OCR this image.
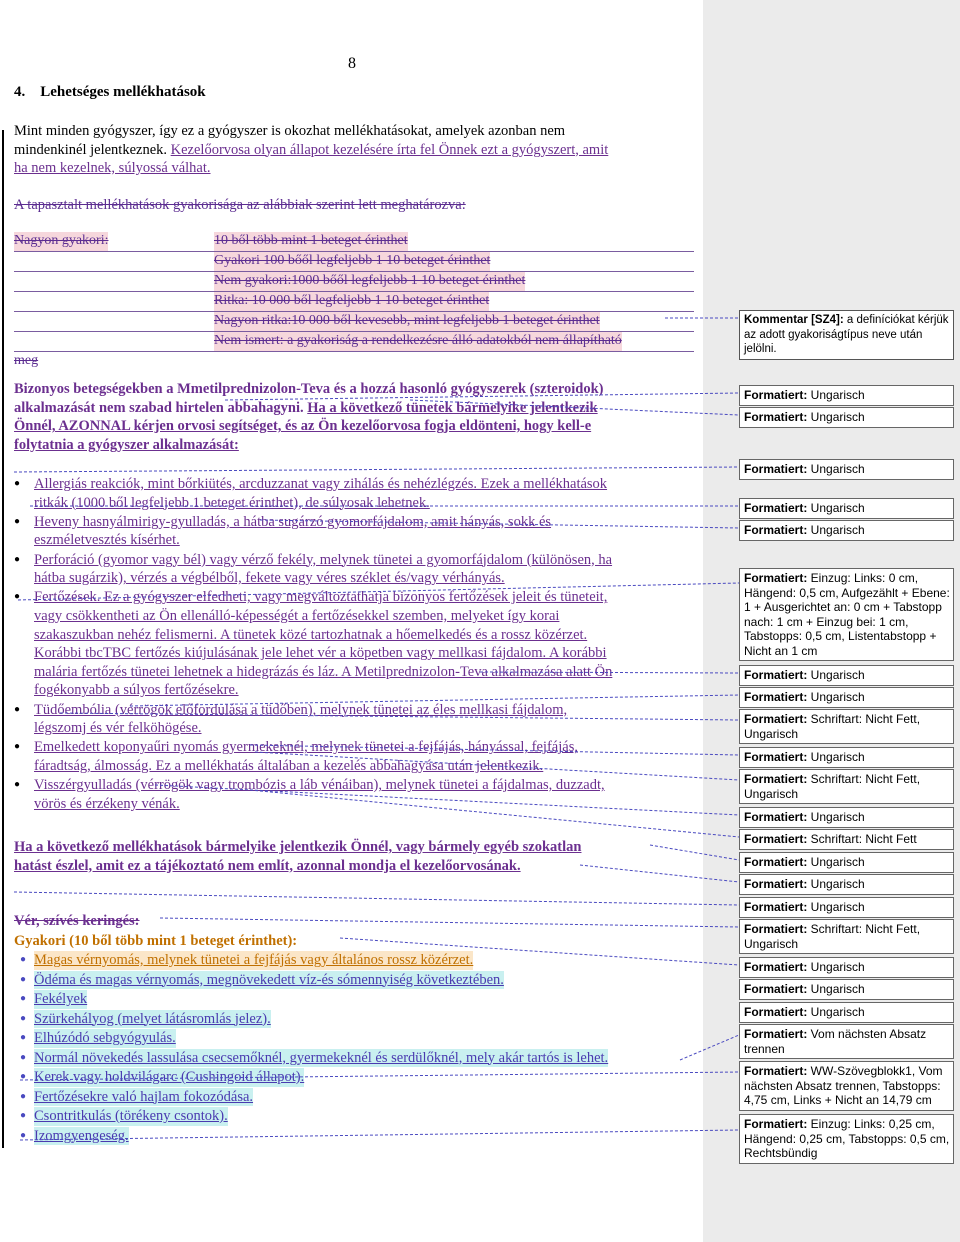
8
4.    Lehetséges mellékhatások
Mint minden gyógyszer, így ez a gyógyszer is okozhat mellékhatásokat, amelyek azonban nem
mindenkinél jelentkeznek. Kezelőorvosa olyan állapot kezelésére írta fel Önnek ezt a gyógyszert, amit
ha nem kezelnek, súlyossá válhat.
A tapasztalt mellékhatások gyakorisága az alábbiak szerint lett meghatározva:
Nagyon gyakori:	10 ből több mint 1 beteget érinthet
Gyakori 100 bőől legfeljebb 1 10 beteget érinthet
Nem gyakori:1000 bőől legfeljebb 1 10 beteget érinthet
Ritka: 10 000 ből legfeljebb 1 10 beteget érinthet
Nagyon ritka:10 000 ből kevesebb, mint legfeljebb 1 beteget érinthet
Nem ismert: a gyakoriság a rendelkezésre álló adatokból nem állapítható
meg
Bizonyos betegségekben a Mmetilprednizolon-Teva és a hozzá hasonló gyógyszerek (szteroidok)
alkalmazását nem szabad hirtelen abbahagyni. Ha a következő tünetek bármelyike jelentkezik
Önnél, AZONNAL kérjen orvosi segítséget, és az Ön kezelőorvosa fogja eldönteni, hogy kell-e
folytatnia a gyógyszer alkalmazását:
● Allergiás reakciók, mint bőrkiütés, arcduzzanat vagy zihálás és nehézlégzés. Ezek a mellékhatások
ritkák (1000 ből legfeljebb 1 beteget érinthet), de súlyosak lehetnek.
● Heveny hasnyálmirigy-gyulladás, a hátba sugárzó gyomorfájdalom, amit hányás, sokk és
eszméletvesztés kísérhet.
● Perforáció (gyomor vagy bél) vagy vérző fekély, melynek tünetei a gyomorfájdalom (különösen, ha
hátba sugárzik), vérzés a végbélből, fekete vagy véres széklet és/vagy vérhányás.
● Fertőzések. Ez a gyógyszer elfedheti, vagy megváltoztathatja bizonyos fertőzések jeleit és tüneteit,
vagy csökkentheti az Ön ellenálló-képességét a fertőzésekkel szemben, melyeket így korai
szakaszukban nehéz felismerni. A tünetek közé tartozhatnak a hőemelkedés és a rossz közérzet.
Korábbi tbcTBC fertőzés kiújulásának jele lehet vér a köpetben vagy mellkasi fájdalom. A korábbi
malária fertőzés tünetei lehetnek a hidegrázás és láz. A Metilprednizolon-Teva alkalmazása alatt Ön
fogékonyabb a súlyos fertőzésekre.
● Tüdőembólia (vérrögök előfordulása a tüdőben), melynek tünetei az éles mellkasi fájdalom,
légszomj és vér felköhögése.
● Emelkedett koponyaűri nyomás gyermekeknél, melynek tünetei a fejfájás, hányással, fejfájás,
fáradtság, álmosság. Ez a mellékhatás általában a kezelés abbahagyása után jelentkezik.
● Visszérgyulladás (vérrögök vagy trombózis a láb vénáiban), melynek tünetei a fájdalmas, duzzadt,
vörös és érzékeny vénák.
Ha a következő mellékhatások bármelyike jelentkezik Önnél, vagy bármely egyéb szokatlan
hatást észlel, amit ez a tájékoztató nem említ, azonnal mondja el kezelőorvosának.
Vér, szívés keringés:
Gyakori (10 ből több mint 1 beteget érinthet):
● Magas vérnyomás, melynek tünetei a fejfájás vagy általános rossz közérzet.
● Ödéma és magas vérnyomás, megnövekedett víz-és sómennyiség következtében.
● Fekélyek
● Szürkehályog (melyet látásromlás jelez).
● Elhúzódó sebgyógyulás.
● Normál növekedés lassulása csecsemőknél, gyermekeknél és serdülőknél, mely akár tartós is lehet.
● Kerek vagy holdvilágarc (Cushingoid állapot).
● Fertőzésekre való hajlam fokozódása.
● Csontritkulás (törékeny csontok).
● Izomgyengeség.
Kommentar [SZ4]: a definíciókat kérjük az adott gyakoriságtípus neve után jelölni.
Formatiert: Ungarisch
Formatiert: Ungarisch
Formatiert: Ungarisch
Formatiert: Ungarisch
Formatiert: Ungarisch
Formatiert: Einzug: Links: 0 cm, Hängend: 0,5 cm, Aufgezählt + Ebene: 1 + Ausgerichtet an: 0 cm + Tabstopp nach: 1 cm + Einzug bei: 1 cm, Tabstopps: 0,5 cm, Listentabstopp + Nicht an 1 cm
Formatiert: Ungarisch
Formatiert: Ungarisch
Formatiert: Schriftart: Nicht Fett, Ungarisch
Formatiert: Ungarisch
Formatiert: Schriftart: Nicht Fett, Ungarisch
Formatiert: Ungarisch
Formatiert: Schriftart: Nicht Fett
Formatiert: Ungarisch
Formatiert: Ungarisch
Formatiert: Ungarisch
Formatiert: Schriftart: Nicht Fett, Ungarisch
Formatiert: Ungarisch
Formatiert: Ungarisch
Formatiert: Ungarisch
Formatiert: Vom nächsten Absatz trennen
Formatiert: WW-Szövegblokk1, Vom nächsten Absatz trennen, Tabstopps: 4,75 cm, Links + Nicht an 14,79 cm
Formatiert: Einzug: Links: 0,25 cm, Hängend: 0,25 cm, Tabstopps: 0,5 cm, Rechtsbündig
